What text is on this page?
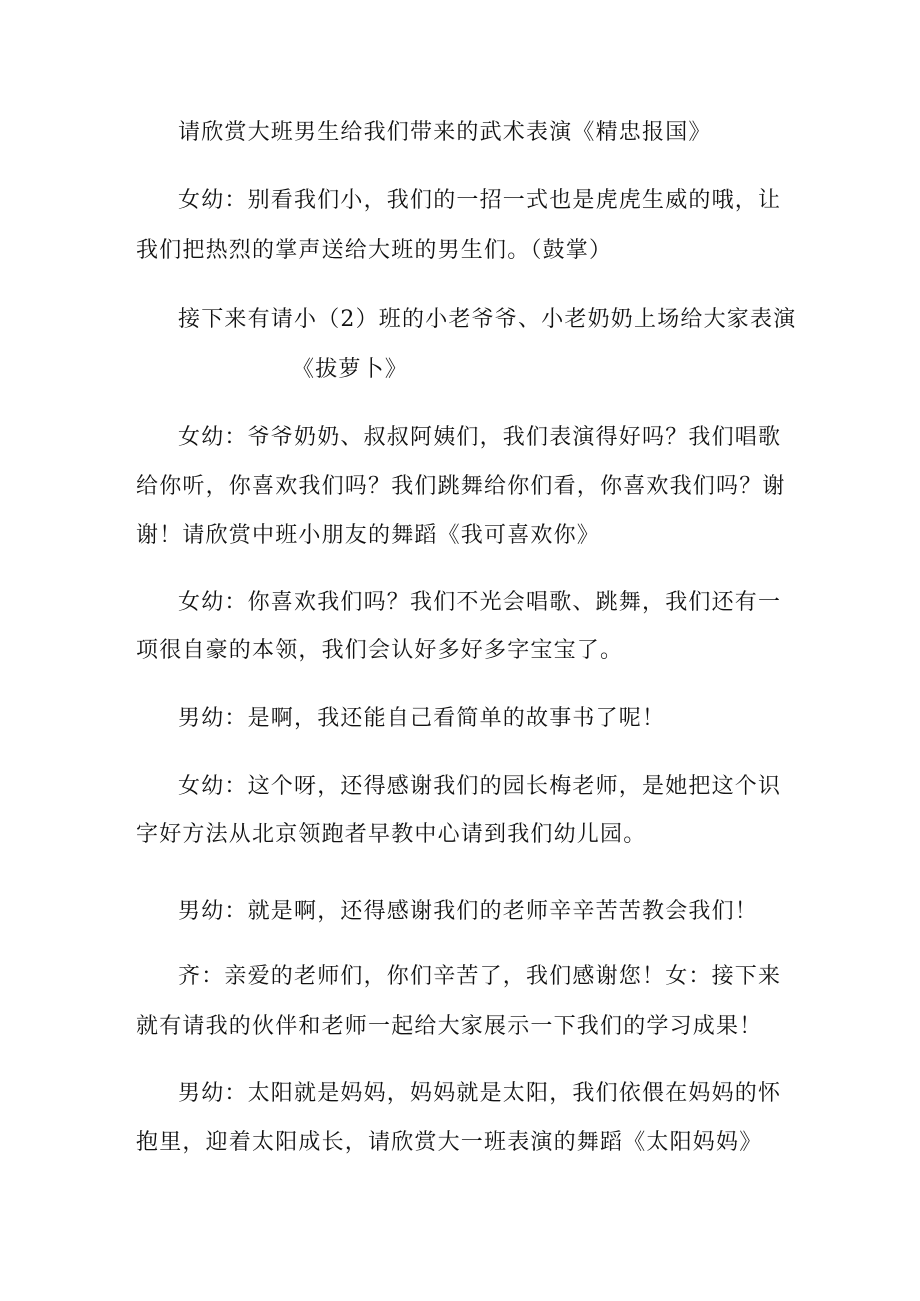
请欣赏大班男生给我们带来的武术表演《精忠报国》
女幼：别看我们小，我们的一招一式也是虎虎生威的哦，让
我们把热烈的掌声送给大班的男生们。（鼓掌）
接下来有请小（2）班的小老爷爷、小老奶奶上场给大家表演
《拔萝卜》
女幼：爷爷奶奶、叔叔阿姨们，我们表演得好吗？我们唱歌
给你听，你喜欢我们吗？我们跳舞给你们看，你喜欢我们吗？谢
谢！请欣赏中班小朋友的舞蹈《我可喜欢你》
女幼：你喜欢我们吗？我们不光会唱歌、跳舞，我们还有一
项很自豪的本领，我们会认好多好多字宝宝了。
男幼：是啊，我还能自己看简单的故事书了呢！
女幼：这个呀，还得感谢我们的园长梅老师，是她把这个识
字好方法从北京领跑者早教中心请到我们幼儿园。
男幼：就是啊，还得感谢我们的老师辛辛苦苦教会我们！
齐：亲爱的老师们，你们辛苦了，我们感谢您！女：接下来
就有请我的伙伴和老师一起给大家展示一下我们的学习成果！
男幼：太阳就是妈妈，妈妈就是太阳，我们依偎在妈妈的怀
抱里，迎着太阳成长，请欣赏大一班表演的舞蹈《太阳妈妈》
